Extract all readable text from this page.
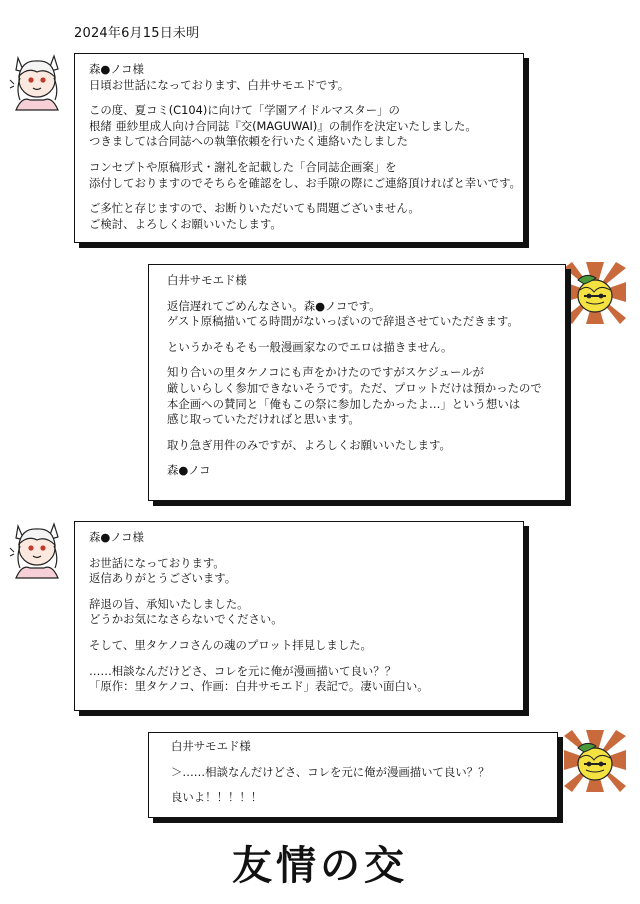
2024年6月15日未明
森●ノコ様
日頃お世話になっております、白井サモエドです。
この度、夏コミ(C104)に向けて「学園アイドルマスター」の
根緒 亜紗里成人向け合同誌『交(MAGUWAI)』の制作を決定いたしました。
つきましては合同誌への執筆依頼を行いたく連絡いたしました
コンセプトや原稿形式・謝礼を記載した「合同誌企画案」を
添付しておりますのでそちらを確認をし、お手隙の際にご連絡頂ければと幸いです。
ご多忙と存じますので、お断りいただいても問題ございません。
ご検討、よろしくお願いいたします。
白井サモエド様
返信遅れてごめんなさい。森●ノコです。
ゲスト原稿描いてる時間がないっぽいので辞退させていただきます。
というかそもそも一般漫画家なのでエロは描きません。
知り合いの里タケノコにも声をかけたのですがスケジュールが
厳しいらしく参加できないそうです。ただ、プロットだけは預かったので
本企画への賛同と「俺もこの祭に参加したかったよ…」という想いは
感じ取っていただければと思います。
取り急ぎ用件のみですが、よろしくお願いいたします。
森●ノコ
森●ノコ様
お世話になっております。
返信ありがとうございます。
辞退の旨、承知いたしました。
どうかお気になさらないでください。
そして、里タケノコさんの魂のプロット拝見しました。
……相談なんだけどさ、コレを元に俺が漫画描いて良い？？
「原作：里タケノコ、作画：白井サモエド」表記で。凄い面白い。
白井サモエド様
＞……相談なんだけどさ、コレを元に俺が漫画描いて良い？？
良いよ！！！！！
友情の交
